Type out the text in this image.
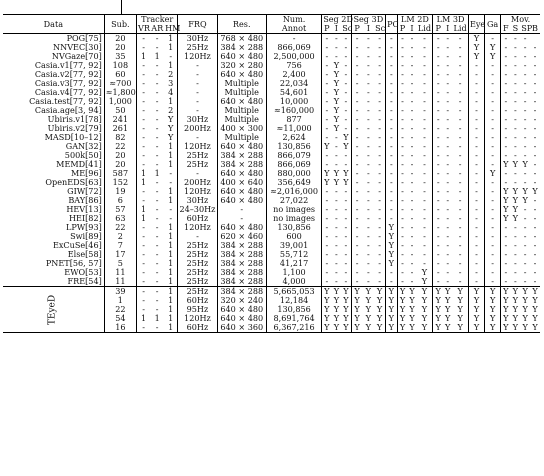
Data	Sub.	Tracker			FRQ	Res.	Num.	Seg 2D			Seg 3D			PC	LM 2D			LM 3D			Eye	Ga	Mov.			
		VR	AR	HM			Annot	P	I	Sc	P	I	Sc		P	I	Lid	P	I	Lid			F	S	SP	B
POG[75]	20	-	-	1	30Hz	768 × 480	-	-	-	-	-	-	-	-	-	-	-	-	-	-	Y	-	-	-	-	
NNVEC[30]	20	-	-	1	25Hz	384 × 288	866,069	-	-	-	-	-	-	-	-	-	-	-	-	-	Y	Y	-	-	-	-
NVGaze[70]	35	1	1	-	120Hz	640 × 480	2,500,000	-	-	-	-	-	-	-	-	-	-	-	-	-	Y	Y	-	-	-	-
Casia.v1[77, 92]	108	-	-	1	-	320 × 280	756	-	Y	-	-	-	-	-	-	-	-	-	-	-	-	-	-	-	-	-
Casia.v2[77, 92]	60	-	-	2	-	640 × 480	2,400	-	Y	-	-	-	-	-	-	-	-	-	-	-	-	-	-	-	-	-
Casia.v3[77, 92]	≈700	-	-	3	-	Multiple	22,034	-	Y	-	-	-	-	-	-	-	-	-	-	-	-	-	-	-	-	-
Casia.v4[77, 92]	≈1,800	-	-	4	-	Multiple	54,601	-	Y	-	-	-	-	-	-	-	-	-	-	-	-	-	-	-	-	-
Casia.test[77, 92]	1,000	-	-	1	-	640 × 480	10,000	-	Y	-	-	-	-	-	-	-	-	-	-	-	-	-	-	-	-	-
Casia.age[3, 94]	50	-	-	2	-	Multiple	≈160,000	-	Y	-	-	-	-	-	-	-	-	-	-	-	-	-	-	-	-	-
Ubiris.v1[78]	241	-	-	Y	30Hz	Multiple	877	-	Y	-	-	-	-	-	-	-	-	-	-	-	-	-	-	-	-	-
Ubiris.v2[79]	261	-	-	Y	200Hz	400 × 300	≈11,000	-	Y	-	-	-	-	-	-	-	-	-	-	-	-	-	-	-	-	-
MASD[10–12]	82	-	-	Y	-	Multiple	2,624	-	-	Y	-	-	-	-	-	-	-	-	-	-	-	-	-	-	-	-
GAN[32]	22	-	-	1	120Hz	640 × 480	130,856	Y	-	Y	-	-	-	-	-	-	-	-	-	-	-	-	-	-	-	-
500k[50]	20	-	-	1	25Hz	384 × 288	866,079	-	-	-	-	-	-	-	-	-	-	-	-	-	-	-	-	-	-	-
MEMD[41]	20	-	-	1	25Hz	384 × 288	866,069	-	-	-	-	-	-	-	-	-	-	-	-	-	-	-	Y	Y	Y	-
ME[96]	587	1	1	-	-	640 × 480	880,000	Y	Y	Y	-	-	-	-	-	-	-	-	-	-	-	Y	-	-	-	-
OpenEDS[63]	152	1	-	-	200Hz	400 × 640	356,649	Y	Y	Y	-	-	-	-	-	-	-	-	-	-	-	-	-	-	-	-
GIW[72]	19	-	-	1	120Hz	640 × 480	≈2,016,000	-	-	-	-	-	-	-	-	-	-	-	-	-	-	-	Y	Y	Y	Y
BAY[86]	6	-	-	1	30Hz	640 × 480	27,022	-	-	-	-	-	-	-	-	-	-	-	-	-	-	-	Y	Y	Y	-
HEV[13]	57	1	-	-	24–30Hz	-	no images	-	-	-	-	-	-	-	-	-	-	-	-	-	-	-	Y	Y	-	-
HEI[82]	63	1	-	-	60Hz	-	no images	-	-	-	-	-	-	-	-	-	-	-	-	-	-	-	Y	Y	-	-
LPW[93]	22	-	-	1	120Hz	640 × 480	130,856	-	-	-	-	-	-	Y	-	-	-	-	-	-	-	-	-	-	-	-
Swi[89]	2	-	-	1	-	620 × 460	600	-	-	-	-	-	-	Y	-	-	-	-	-	-	-	-	-	-	-	-
ExCuSe[46]	7	-	-	1	25Hz	384 × 288	39,001	-	-	-	-	-	-	Y	-	-	-	-	-	-	-	-	-	-	-	-
Else[58]	17	-	-	1	25Hz	384 × 288	55,712	-	-	-	-	-	-	Y	-	-	-	-	-	-	-	-	-	-	-	-
PNET[56, 57]	5	-	-	1	25Hz	384 × 288	41,217	-	-	-	-	-	-	Y	-	-	-	-	-	-	-	-	-	-	-	-
EWO[53]	11	-	-	1	25Hz	384 × 288	1,100	-	-	-	-	-	-	-	-	-	Y	-	-	-	-	-	-	-	-	-
FRE[54]	11	-	-	1	25Hz	384 × 288	4,000	-	-	-	-	-	-	-	-	-	Y	-	-	-	-	-	-	-	-	-

TEyeD	39	-	-	1	25Hz	384 × 288	5,665,053	Y	Y	Y	Y	Y	Y	Y	Y	Y	Y	Y	Y	Y	Y	Y	Y	Y	Y	Y
	1	-	-	1	60Hz	320 × 240	12,184	Y	Y	Y	Y	Y	Y	Y	Y	Y	Y	Y	Y	Y	Y	Y	Y	Y	Y	Y
	22	-	-	1	95Hz	640 × 480	130,856	Y	Y	Y	Y	Y	Y	Y	Y	Y	Y	Y	Y	Y	Y	Y	Y	Y	Y	Y
	54	1	1	1	120Hz	640 × 480	8,691,764	Y	Y	Y	Y	Y	Y	Y	Y	Y	Y	Y	Y	Y	Y	Y	Y	Y	Y	Y
	16	-	-	1	60Hz	640 × 360	6,367,216	Y	Y	Y	Y	Y	Y	Y	Y	Y	Y	Y	Y	Y	Y	Y	Y	Y	Y	Y
